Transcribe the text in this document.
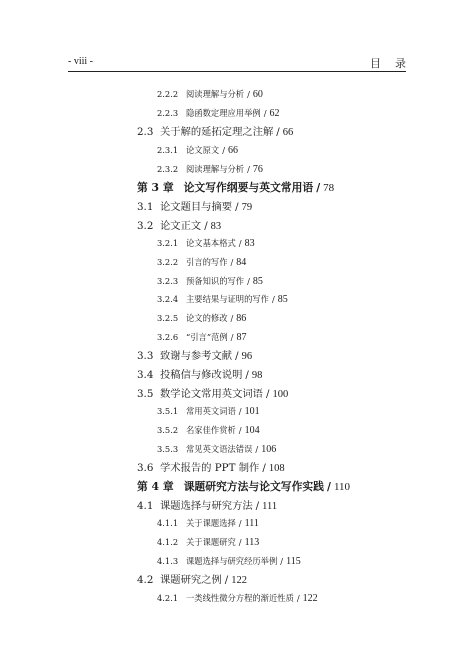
- viii -	目录
2.2.2 阅读理解与分析 / 60
2.2.3 隐函数定理应用举例 / 62
2.3 关于解的延拓定理之注解 / 66
2.3.1 论文原文 / 66
2.3.2 阅读理解与分析 / 76
第 3 章 论文写作纲要与英文常用语 / 78
3.1 论文题目与摘要 / 79
3.2 论文正文 / 83
3.2.1 论文基本格式 / 83
3.2.2 引言的写作 / 84
3.2.3 预备知识的写作 / 85
3.2.4 主要结果与证明的写作 / 85
3.2.5 论文的修改 / 86
3.2.6 “引言”范例 / 87
3.3 致谢与参考文献 / 96
3.4 投稿信与修改说明 / 98
3.5 数学论文常用英文词语 / 100
3.5.1 常用英文词语 / 101
3.5.2 名家佳作赏析 / 104
3.5.3 常见英文语法错误 / 106
3.6 学术报告的 PPT 制作 / 108
第 4 章 课题研究方法与论文写作实践 / 110
4.1 课题选择与研究方法 / 111
4.1.1 关于课题选择 / 111
4.1.2 关于课题研究 / 113
4.1.3 课题选择与研究经历举例 / 115
4.2 课题研究之例 / 122
4.2.1 一类线性微分方程的渐近性质 / 122
